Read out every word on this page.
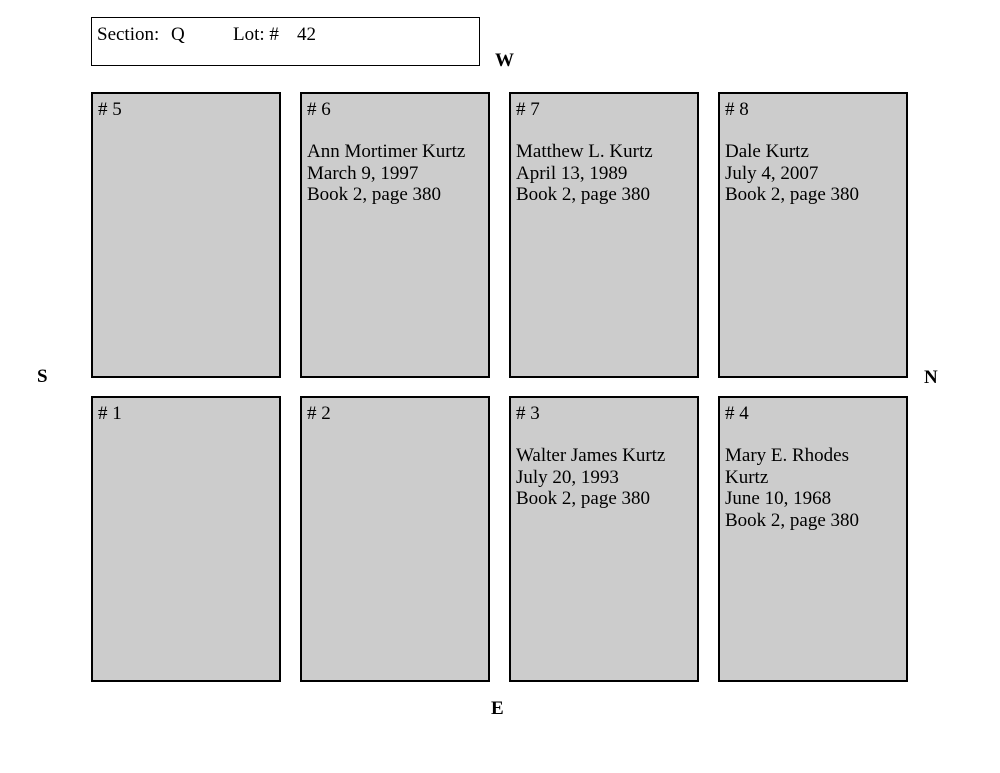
Section: Q	Lot: # 42
W
E
S	N
# 5	# 6
Ann Mortimer Kurtz
March 9, 1997
Book 2, page 380
# 7
Matthew L. Kurtz
April 13, 1989
Book 2, page 380
# 8
Dale Kurtz
July 4, 2007
Book 2, page 380
# 1	# 2	# 3
Walter James Kurtz
July 20, 1993
Book 2, page 380
# 4
Mary E. Rhodes Kurtz
June 10, 1968
Book 2, page 380
